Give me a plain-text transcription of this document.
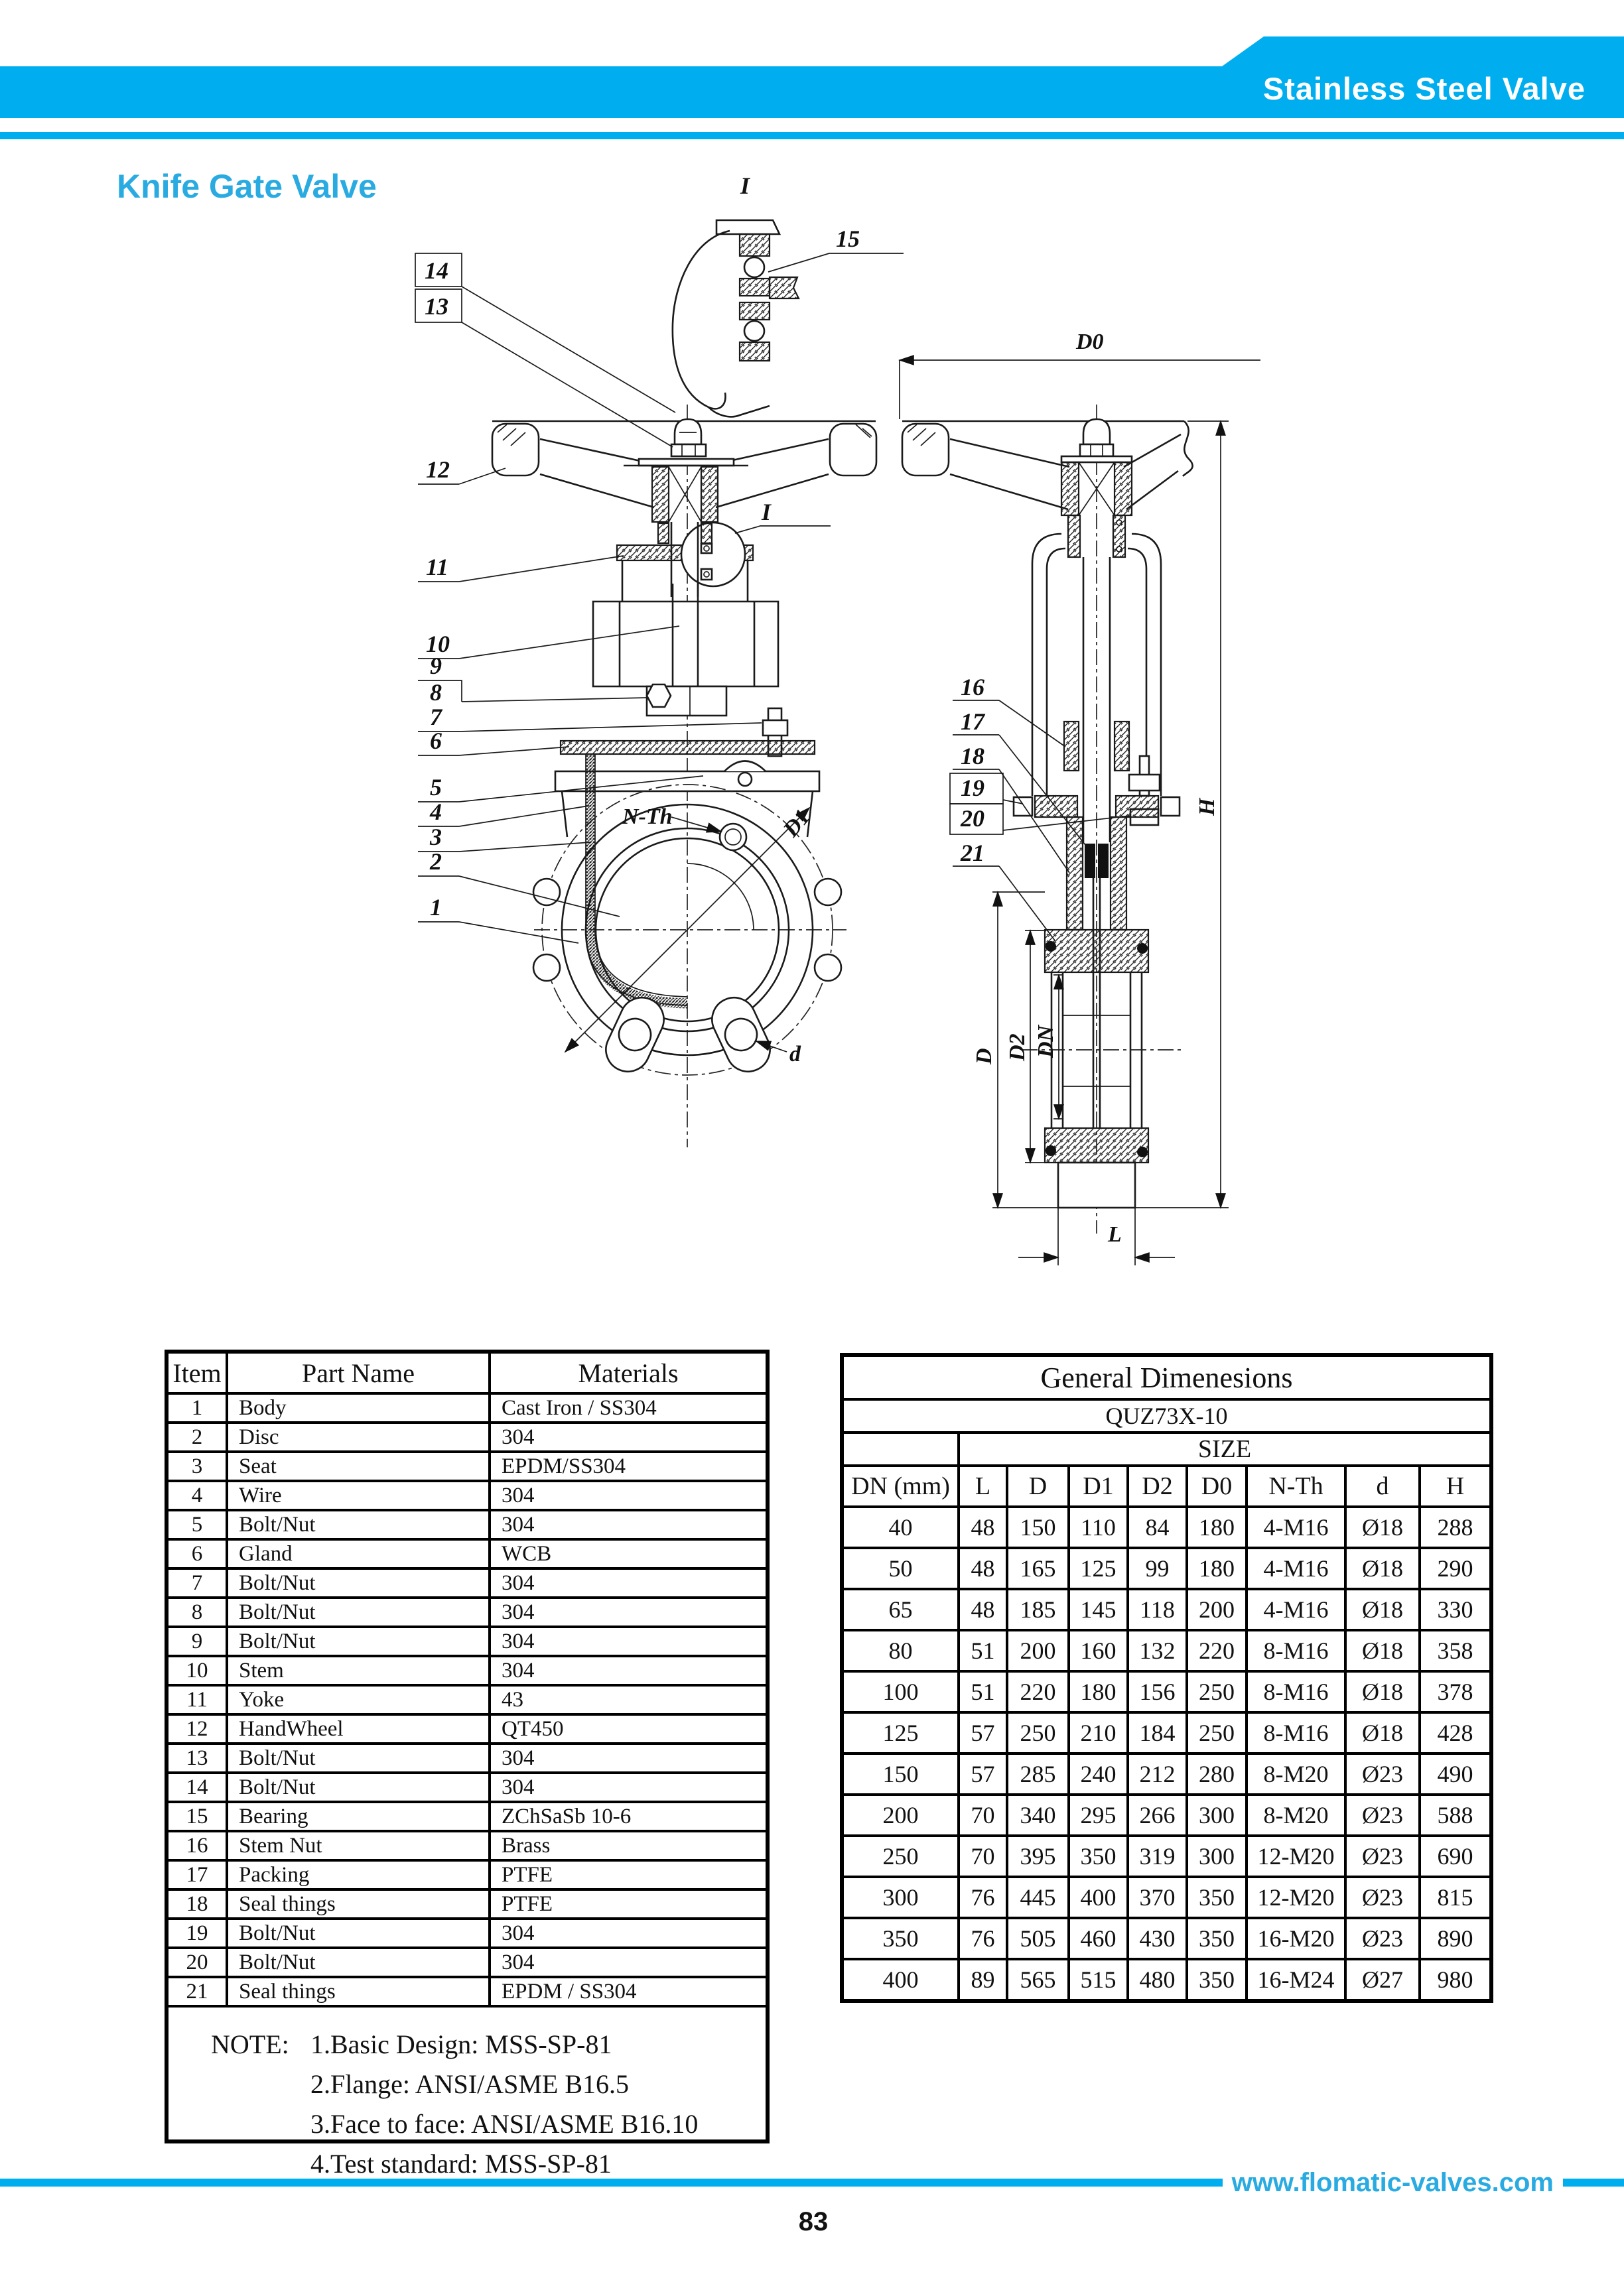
Stainless Steel Valve
Knife Gate Valve	I
15
I
D0
H
D D2 DN
L
N-Th	D1
d
14
13
12
11
10
9
8
7
6
5
4
3
2
1
16
17
18
19
20
21
Item	Part Name	Materials
1	Body	Cast Iron / SS304
2	Disc	304
3	Seat	EPDM/SS304
4	Wire	304
5	Bolt/Nut	304
6	Gland	WCB
7	Bolt/Nut	304
8	Bolt/Nut	304
9	Bolt/Nut	304
10	Stem	304
11	Yoke	43
12	HandWheel	QT450
13	Bolt/Nut	304
14	Bolt/Nut	304
15	Bearing	ZChSaSb 10-6
16	Stem Nut	Brass
17	Packing	PTFE
18	Seal things	PTFE
19	Bolt/Nut	304
20	Bolt/Nut	304
21	Seal things	EPDM / SS304
NOTE: 1.Basic Design: MSS-SP-81
2.Flange: ANSI/ASME B16.5
3.Face to face: ANSI/ASME B16.10
4.Test standard: MSS-SP-81
General Dimenesions								
QUZ73X-10								
	SIZE							
DN (mm)	L	D	D1	D2	D0	N-Th	d	H
40	48	150	110	84	180	4-M16	Ø18	288
50	48	165	125	99	180	4-M16	Ø18	290
65	48	185	145	118	200	4-M16	Ø18	330
80	51	200	160	132	220	8-M16	Ø18	358
100	51	220	180	156	250	8-M16	Ø18	378
125	57	250	210	184	250	8-M16	Ø18	428
150	57	285	240	212	280	8-M20	Ø23	490
200	70	340	295	266	300	8-M20	Ø23	588
250	70	395	350	319	300	12-M20	Ø23	690
300	76	445	400	370	350	12-M20	Ø23	815
350	76	505	460	430	350	16-M20	Ø23	890
400	89	565	515	480	350	16-M24	Ø27	980
www.flomatic-valves.com
83
